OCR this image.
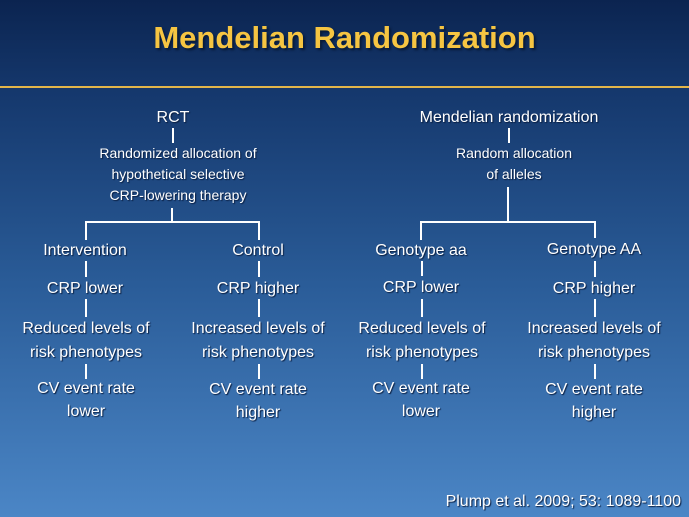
Mendelian Randomization
RCT
Randomized allocation of
hypothetical selective
CRP-lowering therapy
Intervention
CRP lower
Reduced levels of
risk phenotypes
CV event rate
lower
Control
CRP higher
Increased levels of
risk phenotypes
CV event rate
higher
Mendelian randomization
Random allocation
of alleles
Genotype aa
CRP lower
Reduced levels of
risk phenotypes
CV event rate
lower
Genotype AA
CRP higher
Increased levels of
risk phenotypes
CV event rate
higher
Plump et al. 2009; 53: 1089-1100
